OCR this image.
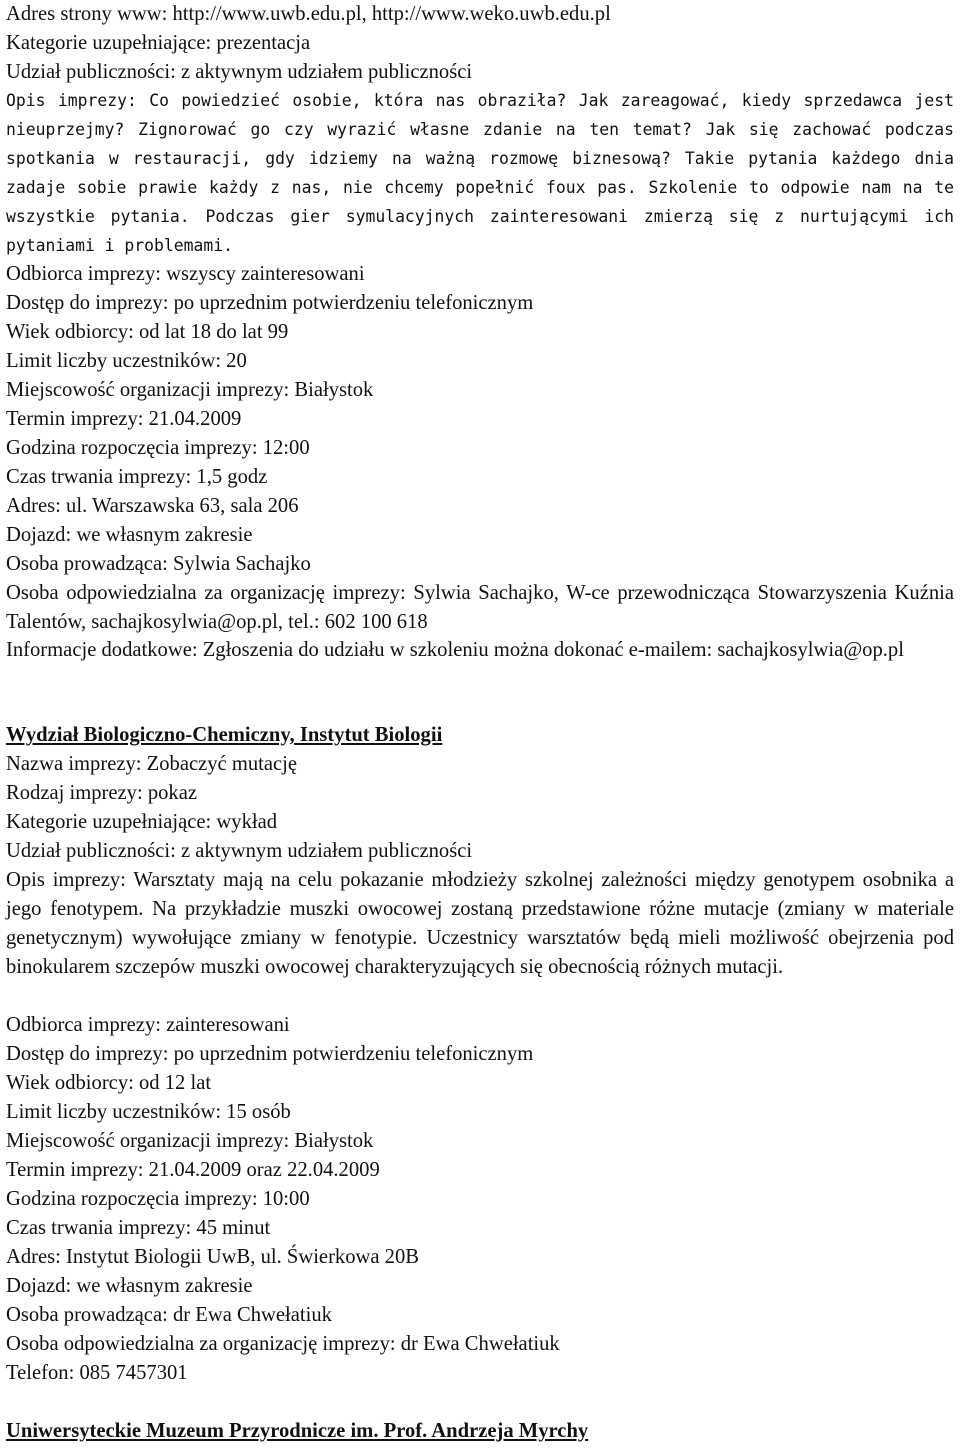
Adres strony www: http://www.uwb.edu.pl, http://www.weko.uwb.edu.pl
Kategorie uzupełniające: prezentacja
Udział publiczności: z aktywnym udziałem publiczności
Opis imprezy: Co powiedzieć osobie, która nas obraziła? Jak zareagować, kiedy sprzedawca jest nieuprzejmy? Zignorować go czy wyrazić własne zdanie na ten temat? Jak się zachować podczas spotkania w restauracji, gdy idziemy na ważną rozmowę biznesową? Takie pytania każdego dnia zadaje sobie prawie każdy z nas, nie chcemy popełnić foux pas. Szkolenie to odpowie nam na te wszystkie pytania. Podczas gier symulacyjnych zainteresowani zmierzą się z nurtującymi ich pytaniami i problemami.
Odbiorca imprezy: wszyscy zainteresowani
Dostęp do imprezy: po uprzednim potwierdzeniu telefonicznym
Wiek odbiorcy: od lat 18 do lat 99
Limit liczby uczestników: 20
Miejscowość organizacji imprezy: Białystok
Termin imprezy: 21.04.2009
Godzina rozpoczęcia imprezy: 12:00
Czas trwania imprezy: 1,5 godz
Adres: ul. Warszawska 63, sala 206
Dojazd: we własnym zakresie
Osoba prowadząca: Sylwia Sachajko
Osoba odpowiedzialna za organizację imprezy: Sylwia Sachajko, W-ce przewodnicząca Stowarzyszenia Kuźnia Talentów, sachajkosylwia@op.pl, tel.: 602 100 618
Informacje dodatkowe: Zgłoszenia do udziału w szkoleniu można dokonać e-mailem: sachajkosylwia@op.pl
Wydział Biologiczno-Chemiczny, Instytut Biologii
Nazwa imprezy: Zobaczyć mutację
Rodzaj imprezy: pokaz
Kategorie uzupełniające: wykład
Udział publiczności: z aktywnym udziałem publiczności
Opis imprezy: Warsztaty mają na celu pokazanie młodzieży szkolnej zależności między genotypem osobnika a jego fenotypem. Na przykładzie muszki owocowej zostaną przedstawione różne mutacje (zmiany w materiale genetycznym) wywołujące zmiany w fenotypie. Uczestnicy warsztatów będą mieli możliwość obejrzenia pod binokularem szczepów muszki owocowej charakteryzujących się obecnością różnych mutacji.
Odbiorca imprezy: zainteresowani
Dostęp do imprezy: po uprzednim potwierdzeniu telefonicznym
Wiek odbiorcy: od 12 lat
Limit liczby uczestników: 15 osób
Miejscowość organizacji imprezy: Białystok
Termin imprezy: 21.04.2009 oraz 22.04.2009
Godzina rozpoczęcia imprezy: 10:00
Czas trwania imprezy: 45 minut
Adres: Instytut Biologii UwB, ul. Świerkowa 20B
Dojazd: we własnym zakresie
Osoba prowadząca: dr Ewa Chwełatiuk
Osoba odpowiedzialna za organizację imprezy: dr Ewa Chwełatiuk
Telefon: 085 7457301
Uniwersyteckie Muzeum Przyrodnicze im. Prof. Andrzeja Myrchy
